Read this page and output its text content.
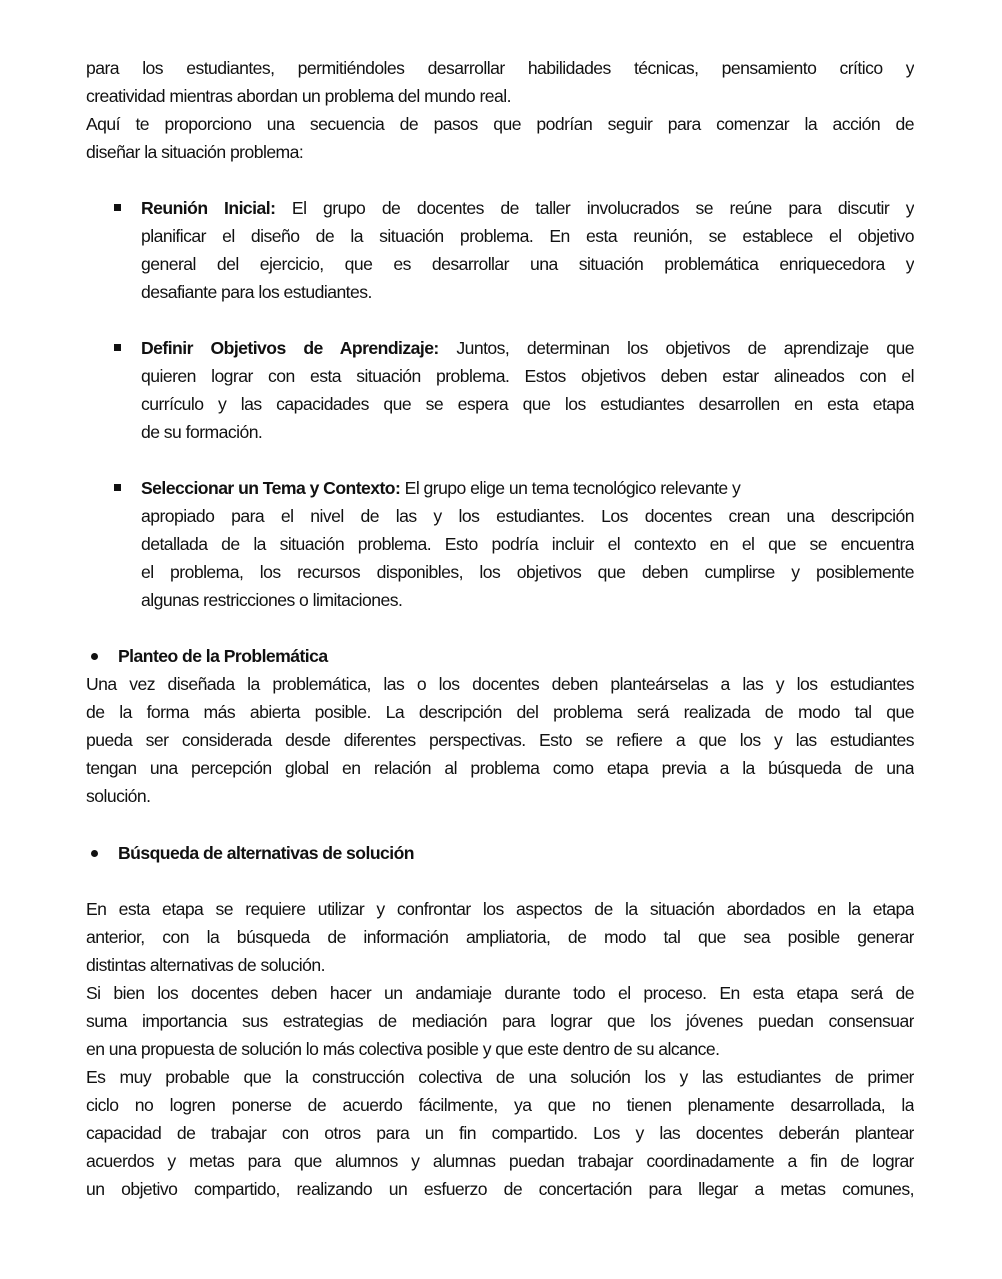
para los estudiantes, permitiéndoles desarrollar habilidades técnicas, pensamiento crítico y
creatividad mientras abordan un problema del mundo real.
Aquí te proporciono una secuencia de pasos que podrían seguir para comenzar la acción de
diseñar la situación problema:
Reunión Inicial: El grupo de docentes de taller involucrados se reúne para discutir y
planificar el diseño de la situación problema. En esta reunión, se establece el objetivo
general del ejercicio, que es desarrollar una situación problemática enriquecedora y
desafiante para los estudiantes.
Definir Objetivos de Aprendizaje: Juntos, determinan los objetivos de aprendizaje que
quieren lograr con esta situación problema. Estos objetivos deben estar alineados con el
currículo y las capacidades que se espera que los estudiantes desarrollen en esta etapa
de su formación.
Seleccionar un Tema y Contexto: El grupo elige un tema tecnológico relevante y
apropiado para el nivel de las y los estudiantes. Los docentes crean una descripción
detallada de la situación problema. Esto podría incluir el contexto en el que se encuentra
el problema, los recursos disponibles, los objetivos que deben cumplirse y posiblemente
algunas restricciones o limitaciones.
Planteo de la Problemática
Una vez diseñada la problemática, las o los docentes deben planteárselas a las y los estudiantes
de la forma más abierta posible. La descripción del problema será realizada de modo tal que
pueda ser considerada desde diferentes perspectivas. Esto se refiere a que los y las estudiantes
tengan una percepción global en relación al problema como etapa previa a la búsqueda de una
solución.
Búsqueda de alternativas de solución
En esta etapa se requiere utilizar y confrontar los aspectos de la situación abordados en la etapa
anterior, con la búsqueda de información ampliatoria, de modo tal que sea posible generar
distintas alternativas de solución.
Si bien los docentes deben hacer un andamiaje durante todo el proceso. En esta etapa será de
suma importancia sus estrategias de mediación para lograr que los jóvenes puedan consensuar
en una propuesta de solución lo más colectiva posible y que este dentro de su alcance.
Es muy probable que la construcción colectiva de una solución los y las estudiantes de primer
ciclo no logren ponerse de acuerdo fácilmente, ya que no tienen plenamente desarrollada, la
capacidad de trabajar con otros para un fin compartido. Los y las docentes deberán plantear
acuerdos y metas para que alumnos y alumnas puedan trabajar coordinadamente a fin de lograr
un objetivo compartido, realizando un esfuerzo de concertación para llegar a metas comunes,
